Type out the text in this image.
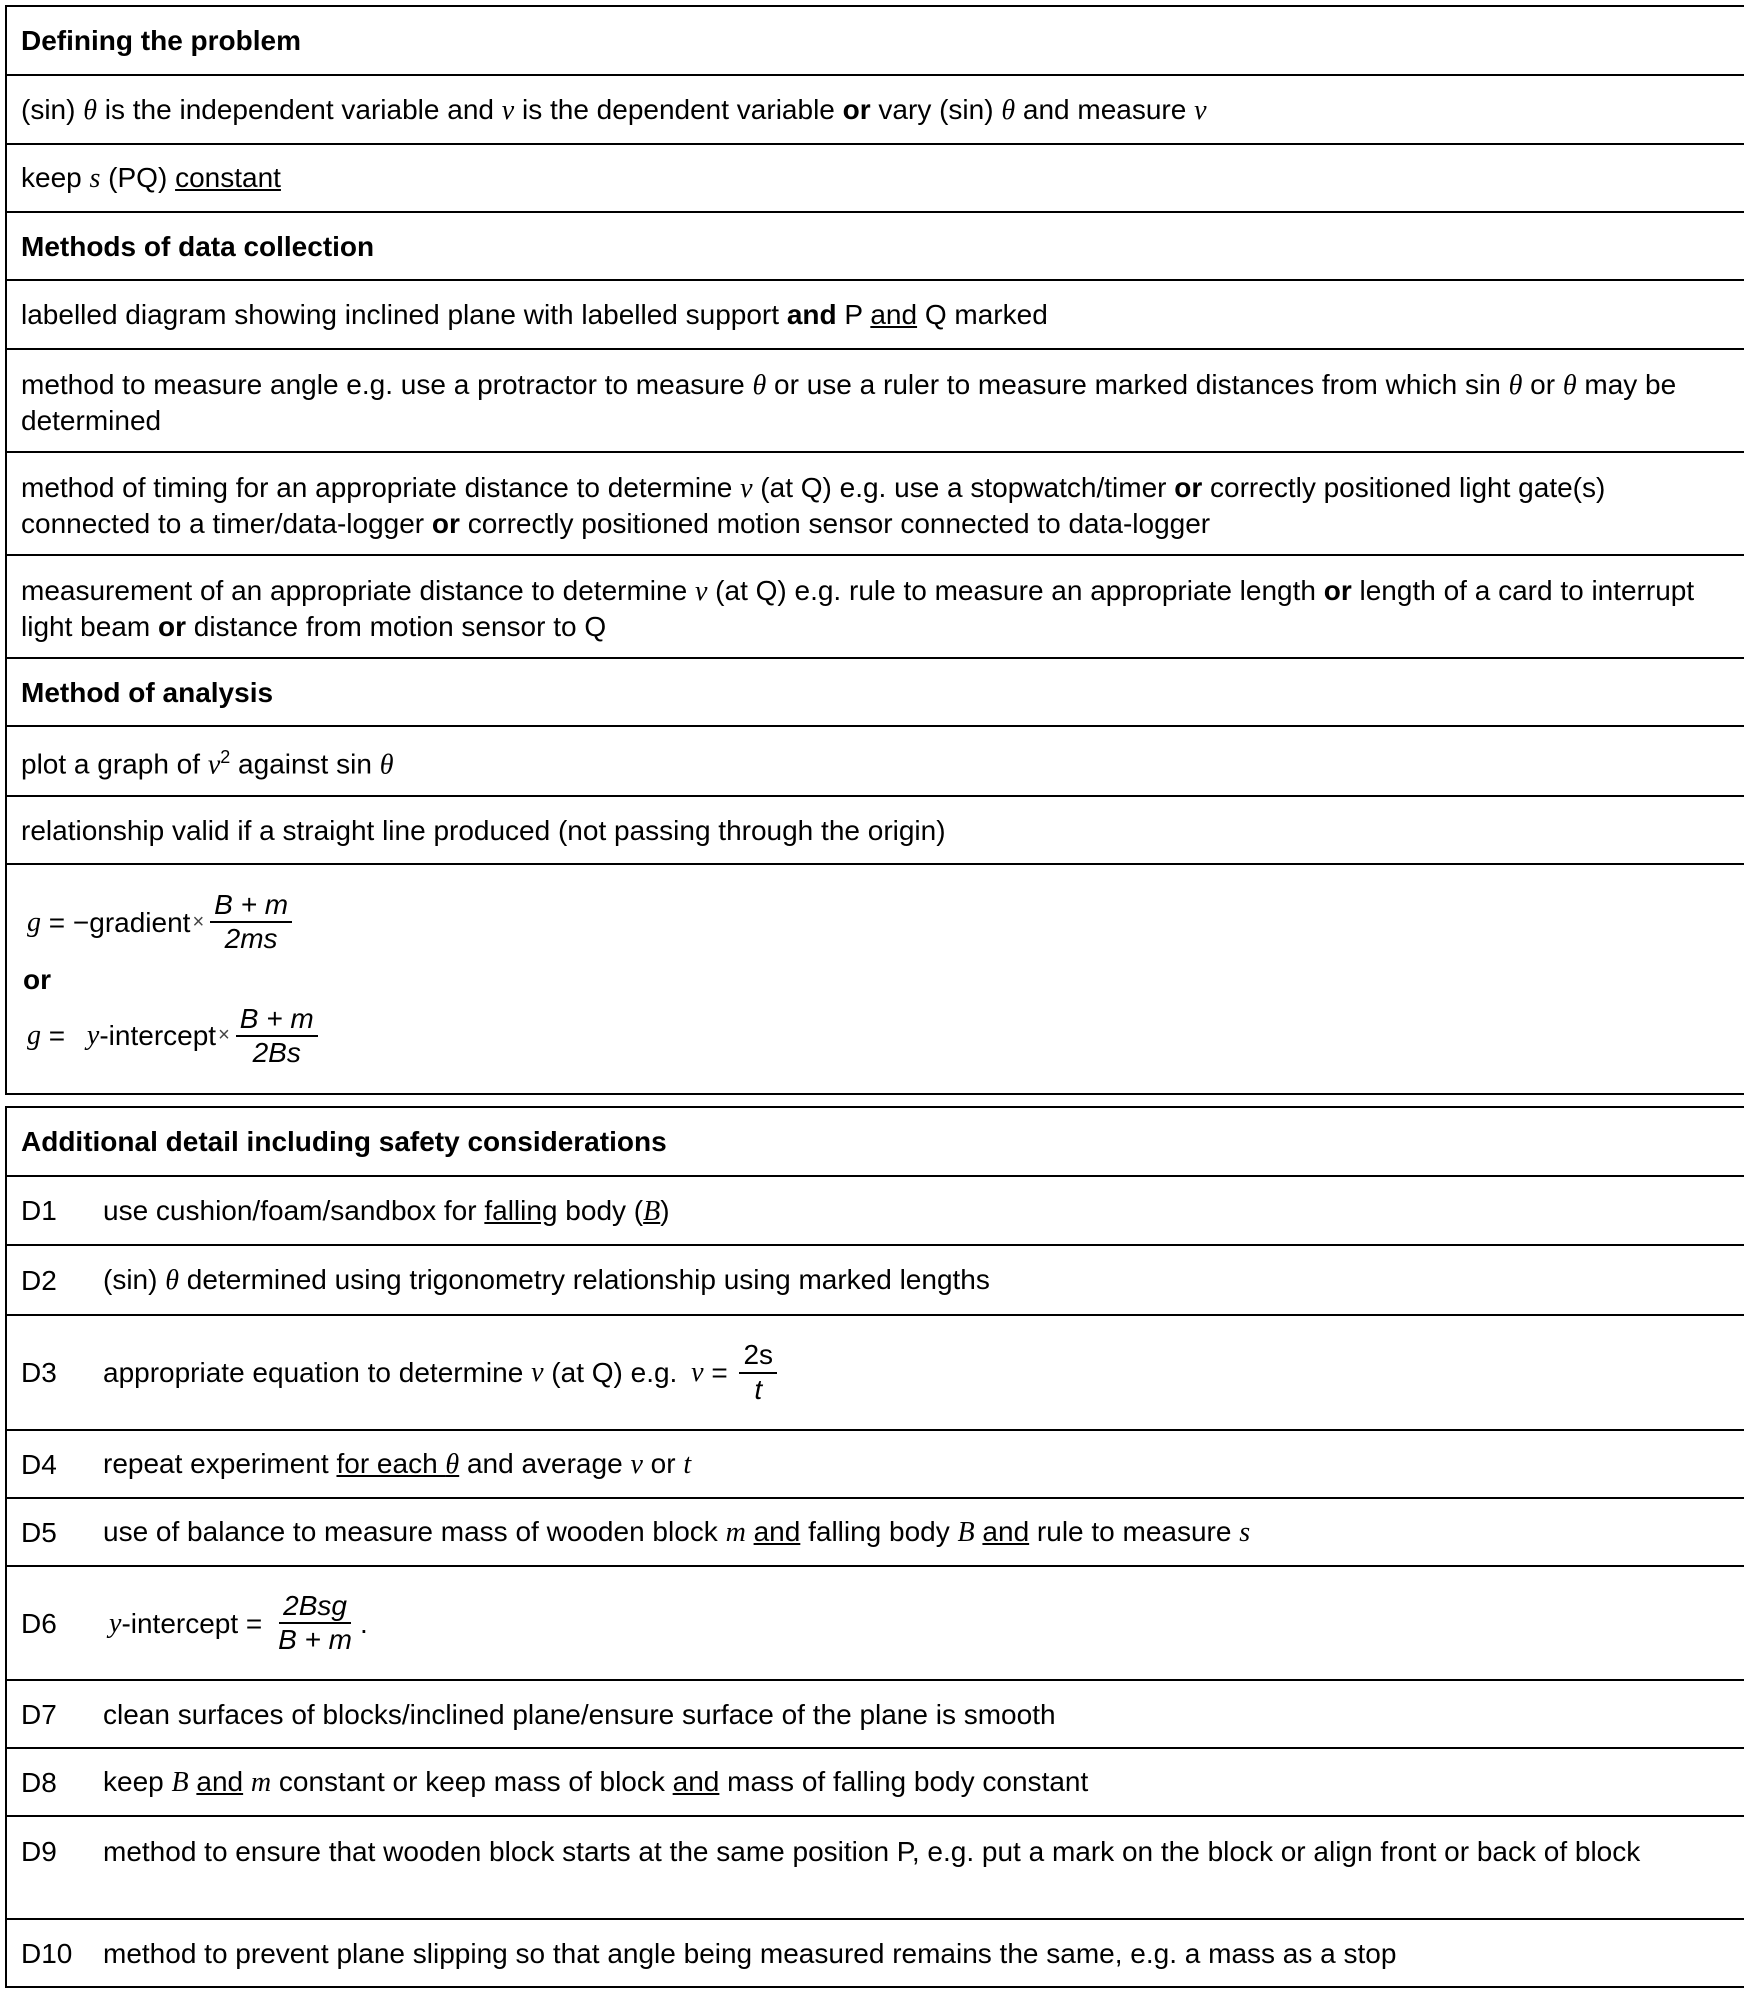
Defining the problem
(sin) θ is the independent variable and v is the dependent variable or vary (sin) θ and measure v
keep s (PQ) constant
Methods of data collection
labelled diagram showing inclined plane with labelled support and P and Q marked
method to measure angle e.g. use a protractor to measure θ or use a ruler to measure marked distances from which sin θ or θ may be determined
method of timing for an appropriate distance to determine v (at Q) e.g. use a stopwatch/timer or correctly positioned light gate(s) connected to a timer/data-logger or correctly positioned motion sensor connected to data-logger
measurement of an appropriate distance to determine v (at Q) e.g. rule to measure an appropriate length or length of a card to interrupt light beam or distance from motion sensor to Q
Method of analysis
plot a graph of $v^2$ against sin θ
relationship valid if a straight line produced (not passing through the origin)
g = −gradient × $\frac{B + m}{2ms}$
or
g = y -intercept × $\frac{B + m}{2Bs}$
Additional detail including safety considerations
D1	use cushion/foam/sandbox for falling body (B)
D2	(sin) θ determined using trigonometry relationship using marked lengths
D3	appropriate equation to determine v (at Q) e.g. $v = \frac{2s}{t}$
D4	repeat experiment for each θ and average v or t
D5	use of balance to measure mass of wooden block m and falling body B and rule to measure s
D6	y -intercept = $\frac{\text{2Bsg}}{B + m}$ .
D7	clean surfaces of blocks/inclined plane/ensure surface of the plane is smooth
D8	keep B and m constant or keep mass of block and mass of falling body constant
D9	method to ensure that wooden block starts at the same position P, e.g. put a mark on the block or align front or back of block
D10	method to prevent plane slipping so that angle being measured remains the same, e.g. a mass as a stop
